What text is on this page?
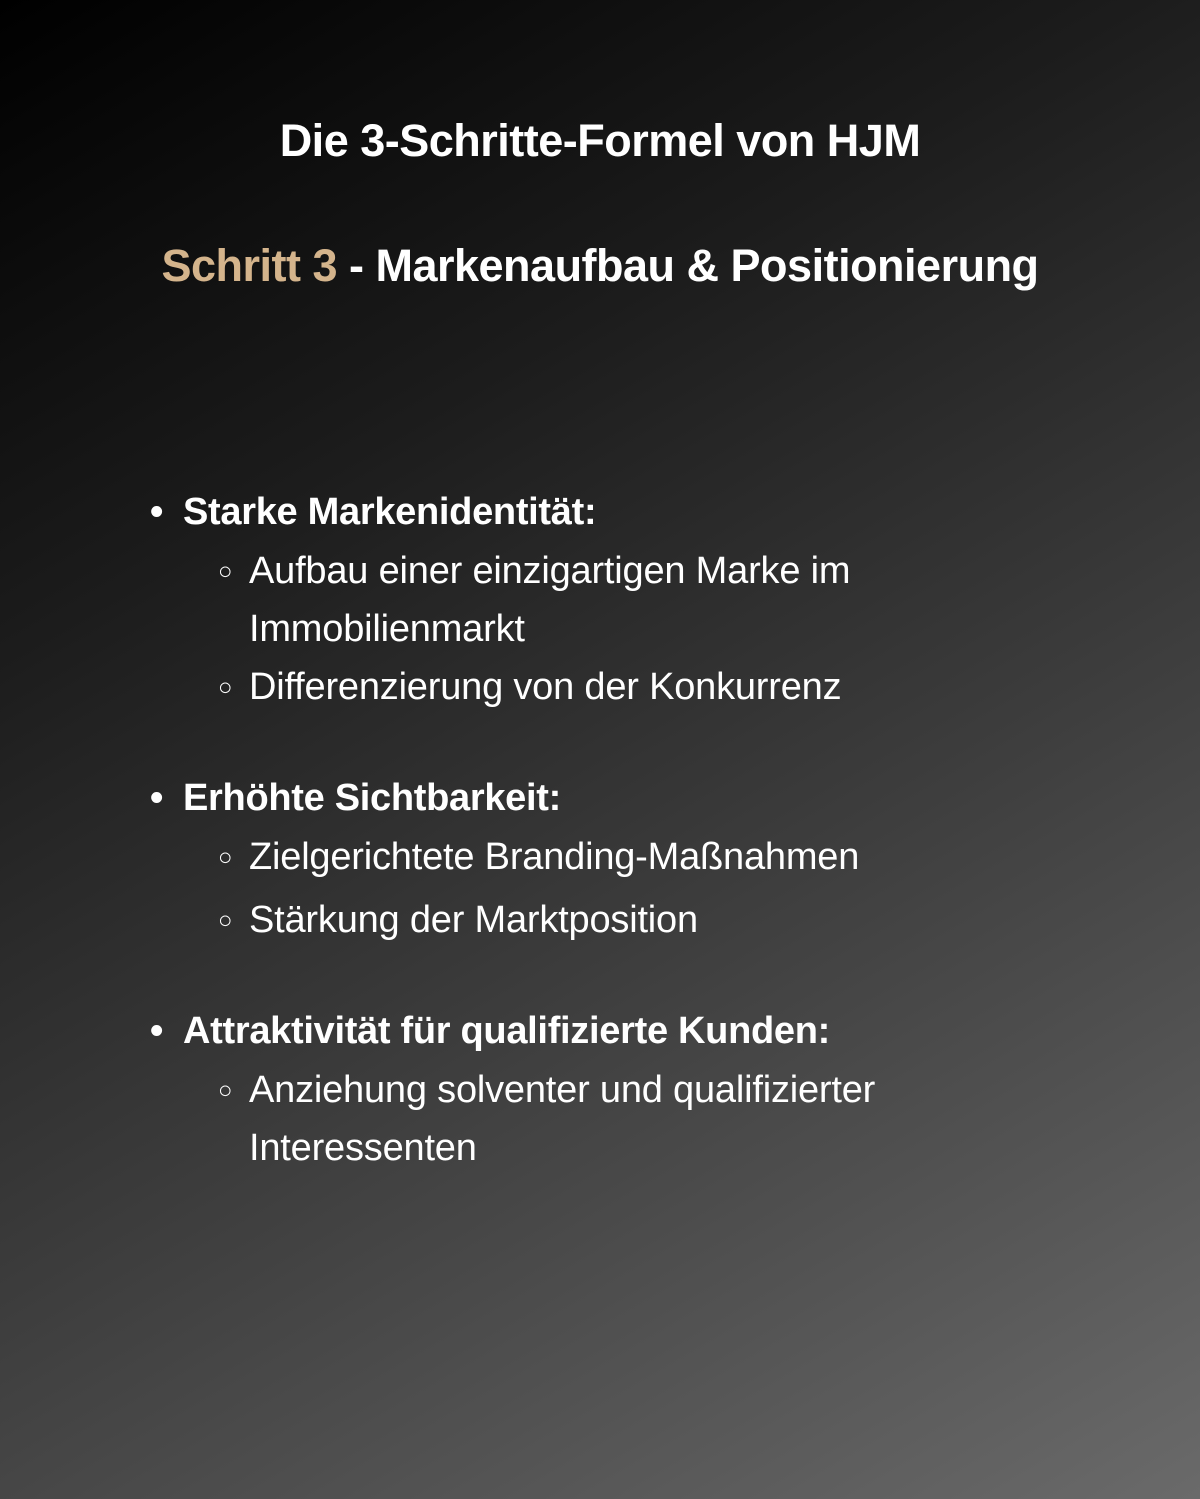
Die 3-Schritte-Formel von HJM
Schritt 3 - Markenaufbau & Positionierung
• Starke Markenidentität:
○ Aufbau einer einzigartigen Marke im Immobilienmarkt
○ Differenzierung von der Konkurrenz
• Erhöhte Sichtbarkeit:
○ Zielgerichtete Branding-Maßnahmen
○ Stärkung der Marktposition
• Attraktivität für qualifizierte Kunden:
○ Anziehung solventer und qualifizierter Interessenten
